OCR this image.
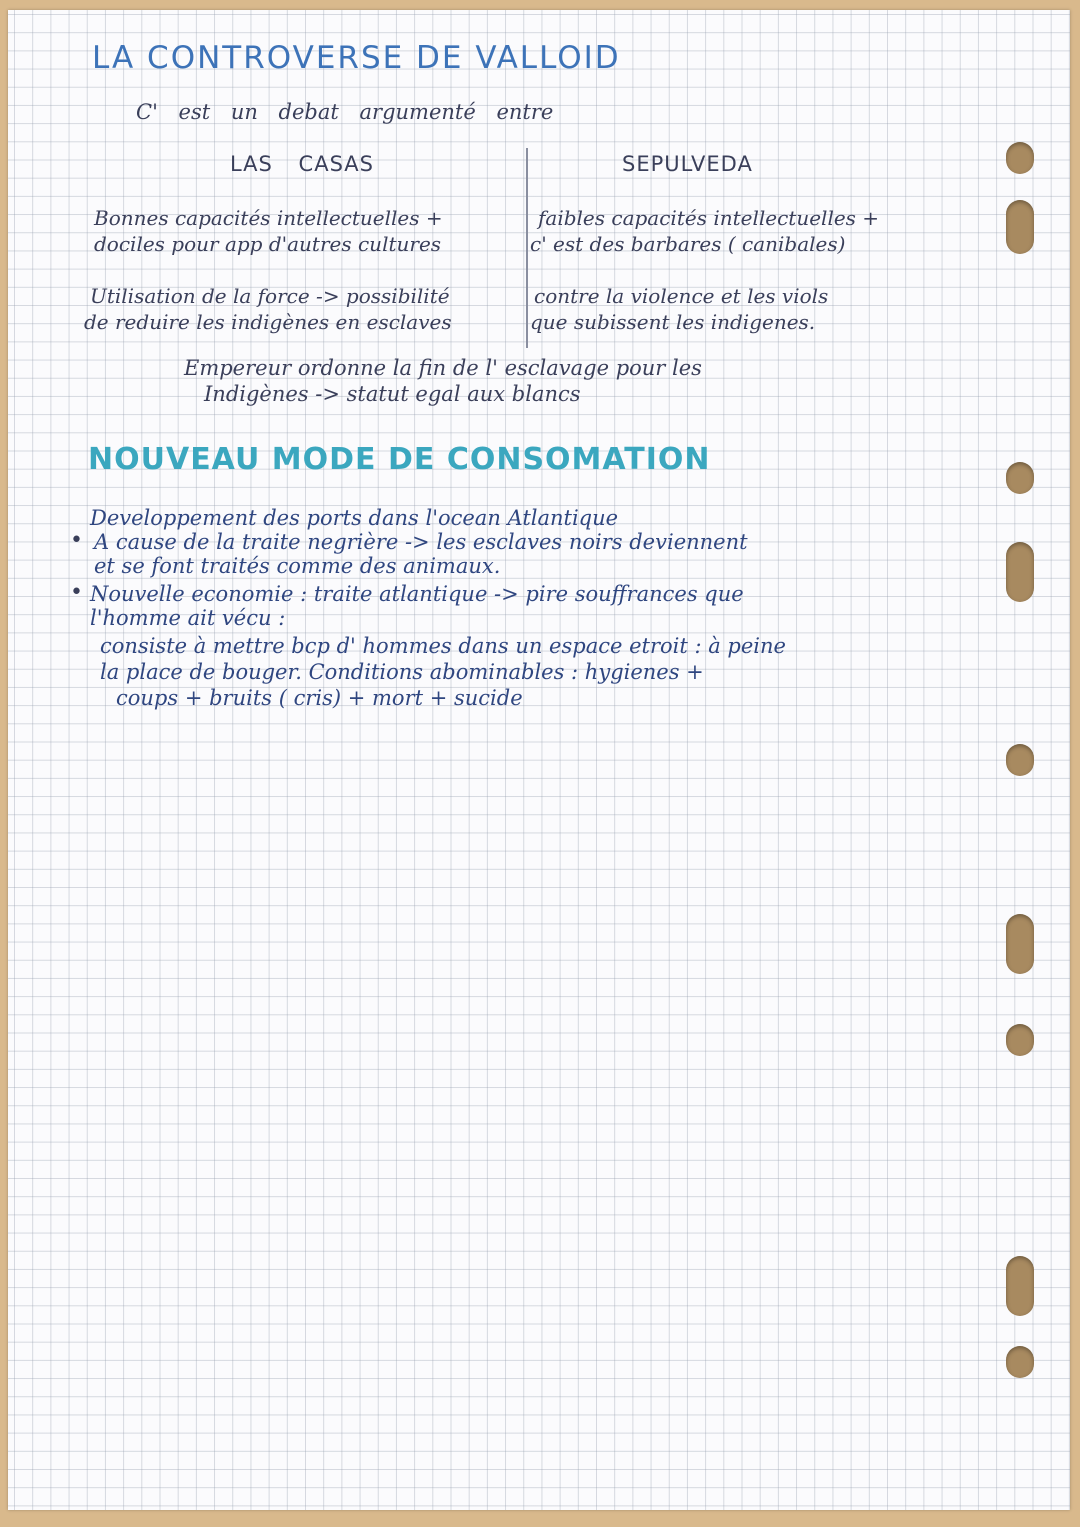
LA CONTROVERSE DE VALLOID
C' est un debat argumenté entre
LAS CASAS	SEPULVEDA
Bonnes capacités intellectuelles +
dociles pour app d'autres cultures
faibles capacités intellectuelles +
c' est des barbares ( canibales)
Utilisation de la force -> possibilité
de reduire les indigènes en esclaves
contre la violence et les viols
que subissent les indigenes.
Empereur ordonne la fin de l' esclavage pour les
Indigènes -> statut egal aux blancs
NOUVEAU MODE DE CONSOMATION
Developpement des ports dans l'ocean Atlantique
• A cause de la traite negrière -> les esclaves noirs deviennent
et se font traités comme des animaux.
• Nouvelle economie : traite atlantique -> pire souffrances que
l'homme ait vécu :
consiste à mettre bcp d' hommes dans un espace etroit : à peine
la place de bouger. Conditions abominables : hygienes +
coups + bruits ( cris) + mort + sucide
